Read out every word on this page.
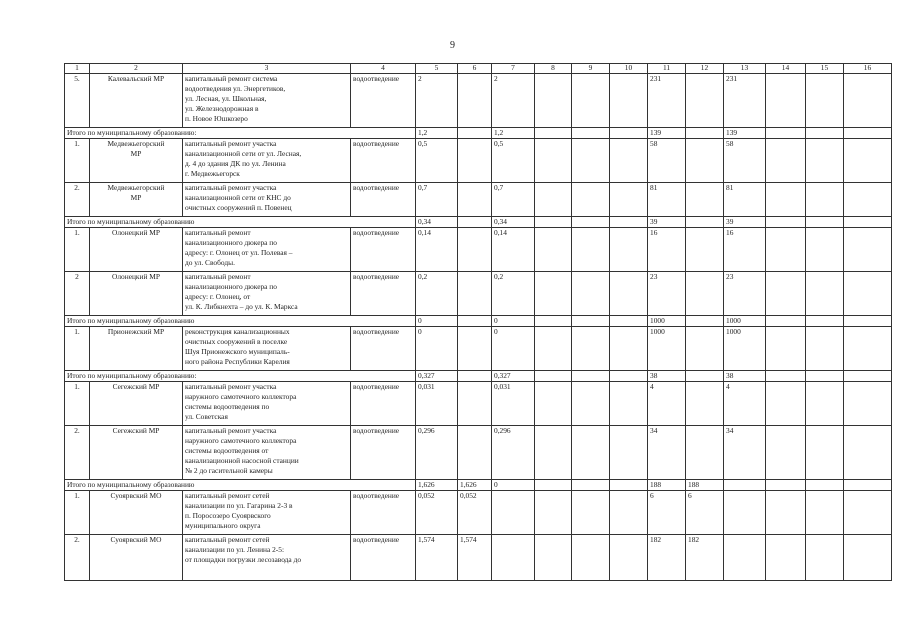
9
1	2	3	4	5	6	7	8	9	10	11	12	13	14	15	16
5.	Калевальский МР	капитальный ремонт система
водоотведения ул. Энергетиков,
ул. Лесная, ул. Школьная,
ул. Железнодорожная в
п. Новое Юшкозеро	водоотведение	2		2				231		231			
Итого по муниципальному образованию:				1,2		1,2				139		139			
1.	Медвежьегорский
МР	капитальный ремонт участка
канализационной сети от ул. Лесная,
д. 4 до здания ДК по ул. Ленина
г. Медвежьегорск	водоотведение	0,5		0,5				58		58			
2.	Медвежьегорский
МР	капитальный ремонт участка
канализационной сети от КНС до
очистных сооружений п. Повенец	водоотведение	0,7		0,7				81		81			
Итого по муниципальному образованию				0,34		0,34				39		39			
1.	Олонецкий МР	капитальный ремонт
канализационного дюкера по
адресу: г. Олонец от ул. Полевая –
до ул. Свободы.	водоотведение	0,14		0,14				16		16			
2	Олонецкий МР	капитальный ремонт
канализационного дюкера по
адресу: г. Олонец, от
ул. К. Либкнехта – до ул. К. Маркса	водоотведение	0,2		0,2				23		23			
Итого по муниципальному образованию				0		0				1000		1000			
1.	Прионежский МР	реконструкция канализационных
очистных сооружений в поселке
Шуя Прионежского муниципаль-
ного района Республики Карелия	водоотведение	0		0				1000		1000			
Итого по муниципальному образованию:				0,327		0,327				38		38			
1.	Сегежский МР	капитальный ремонт участка
наружного самотечного коллектора
системы водоотведения по
ул. Советская	водоотведение	0,031		0,031				4		4			
2.	Сегежский МР	капитальный ремонт участка
наружного самотечного коллектора
системы водоотведения от
канализационной насосной станции
№ 2 до гасительной камеры	водоотведение	0,296		0,296				34		34			
Итого по муниципальному образованию				1,626	1,626	0				188	188				
1.	Суоярвский МО	капитальный ремонт сетей
канализации по ул. Гагарина 2-3 в
п. Поросозеро Суоярвского
муниципального округа	водоотведение	0,052	0,052					6	6				
2.	Суоярвский МО	капитальный ремонт сетей
канализации по ул. Ленина 2-5:
от площадки погрузки лесозавода до	водоотведение	1,574	1,574					182	182				
